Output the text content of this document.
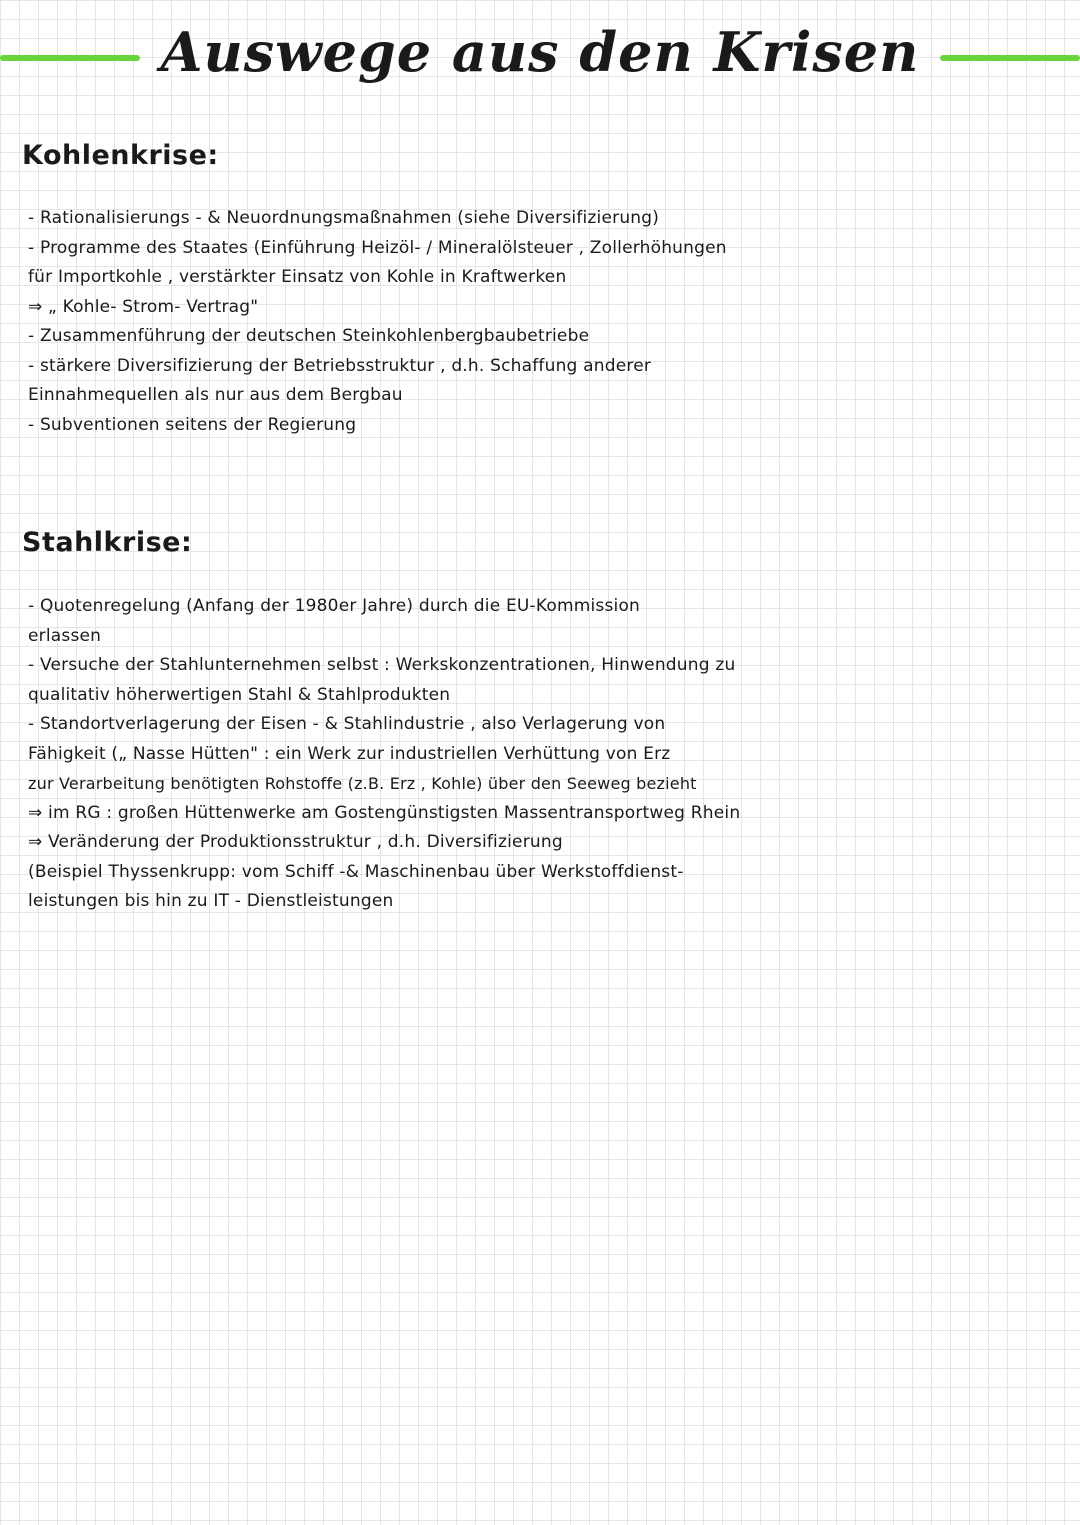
Auswege aus den Krisen
Kohlenkrise:
- Rationalisierungs - & Neuordnungsmaßnahmen (siehe Diversifizierung)
- Programme des Staates (Einführung Heizöl- / Mineralölsteuer , Zollerhöhungen
für Importkohle , verstärkter Einsatz von Kohle in Kraftwerken
⇒ „ Kohle- Strom- Vertrag"
- Zusammenführung der deutschen Steinkohlenbergbaubetriebe
- stärkere Diversifizierung der Betriebsstruktur , d.h. Schaffung anderer
Einnahmequellen als nur aus dem Bergbau
- Subventionen seitens der Regierung
Stahlkrise:
- Quotenregelung (Anfang der 1980er Jahre) durch die EU-Kommission
erlassen
- Versuche der Stahlunternehmen selbst : Werkskonzentrationen, Hinwendung zu
qualitativ höherwertigen Stahl & Stahlprodukten
- Standortverlagerung der Eisen - & Stahlindustrie , also Verlagerung von
Fähigkeit („ Nasse Hütten" : ein Werk zur industriellen Verhüttung von Erz
zur Verarbeitung benötigten Rohstoffe (z.B. Erz , Kohle) über den Seeweg bezieht
⇒ im RG : großen Hüttenwerke am Gostengünstigsten Massentransportweg Rhein
⇒ Veränderung der Produktionsstruktur , d.h. Diversifizierung
(Beispiel Thyssenkrupp: vom Schiff -& Maschinenbau über Werkstoffdienst-
leistungen bis hin zu IT - Dienstleistungen
